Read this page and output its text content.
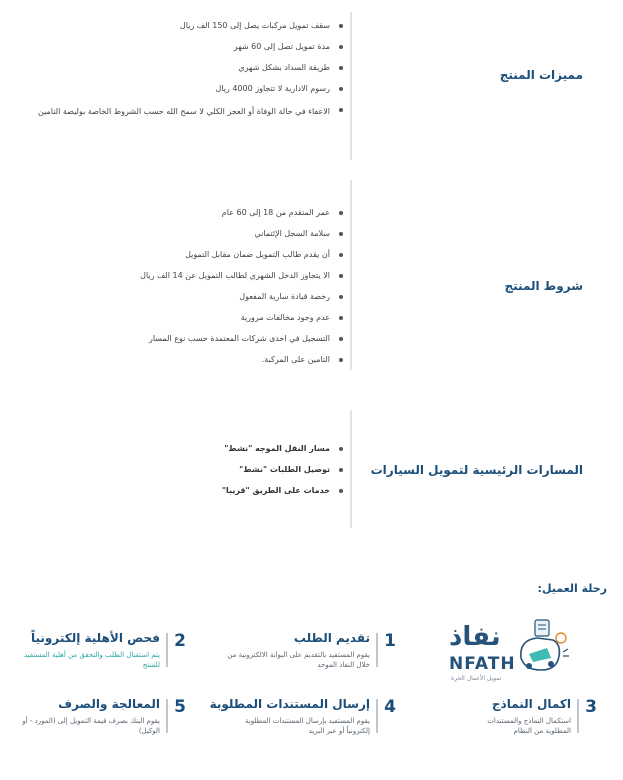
مميزات المنتج
سقف تمويل مركبات يصل إلى 150 الف ريال
مدة تمويل تصل إلى 60 شهر
طريقة السداد بشكل شهري
رسوم الادارية لا تتجاوز 4000 ريال
الاعفاء في حالة الوفاة أو العجز الكلي لا سمح الله حسب الشروط الخاصة بوليصة التامين
شروط المنتج
عمر المتقدم من 18 إلى 60 عام
سلامة السجل الإئتماني
أن يقدم طالب التمويل ضمان مقابل التمويل
الا يتجاوز الدخل الشهري لطالب التمويل عن 14 الف ريال
رخصة قيادة سارية المفعول
عدم وجود مخالفات مرورية
التسجيل في احدى شركات المعتمدة حسب نوع المسار
التامين على المركبة.
المسارات الرئيسية لتمويل السيارات
مسار النقل الموجه "نشط"
توصيل الطلبات "نشط"
خدمات على الطريق "قريبا"
رحلة العميل:
نفاذ
NFATH
تمويل الأعمال الحرة
1
تقديم الطلب
يقوم المستفيد بالتقديم على البوابة الالكترونية من خلال النفاذ الموحد
2
فحص الأهلية إلكترونياً
يتم استقبال الطلب والتحقق من أهلية المستفيد للمنتج
3
اكمال النماذج
استكمال النماذج والمستندات المطلوبة من النظام
4
إرسال المستندات المطلوبة
يقوم المستفيد بإرسال المستندات المطلوبة إلكترونياً أو عبر البريد
5
المعالجة والصرف
يقوم البنك بصرف قيمة التمويل إلى (المورد - أو الوكيل)
